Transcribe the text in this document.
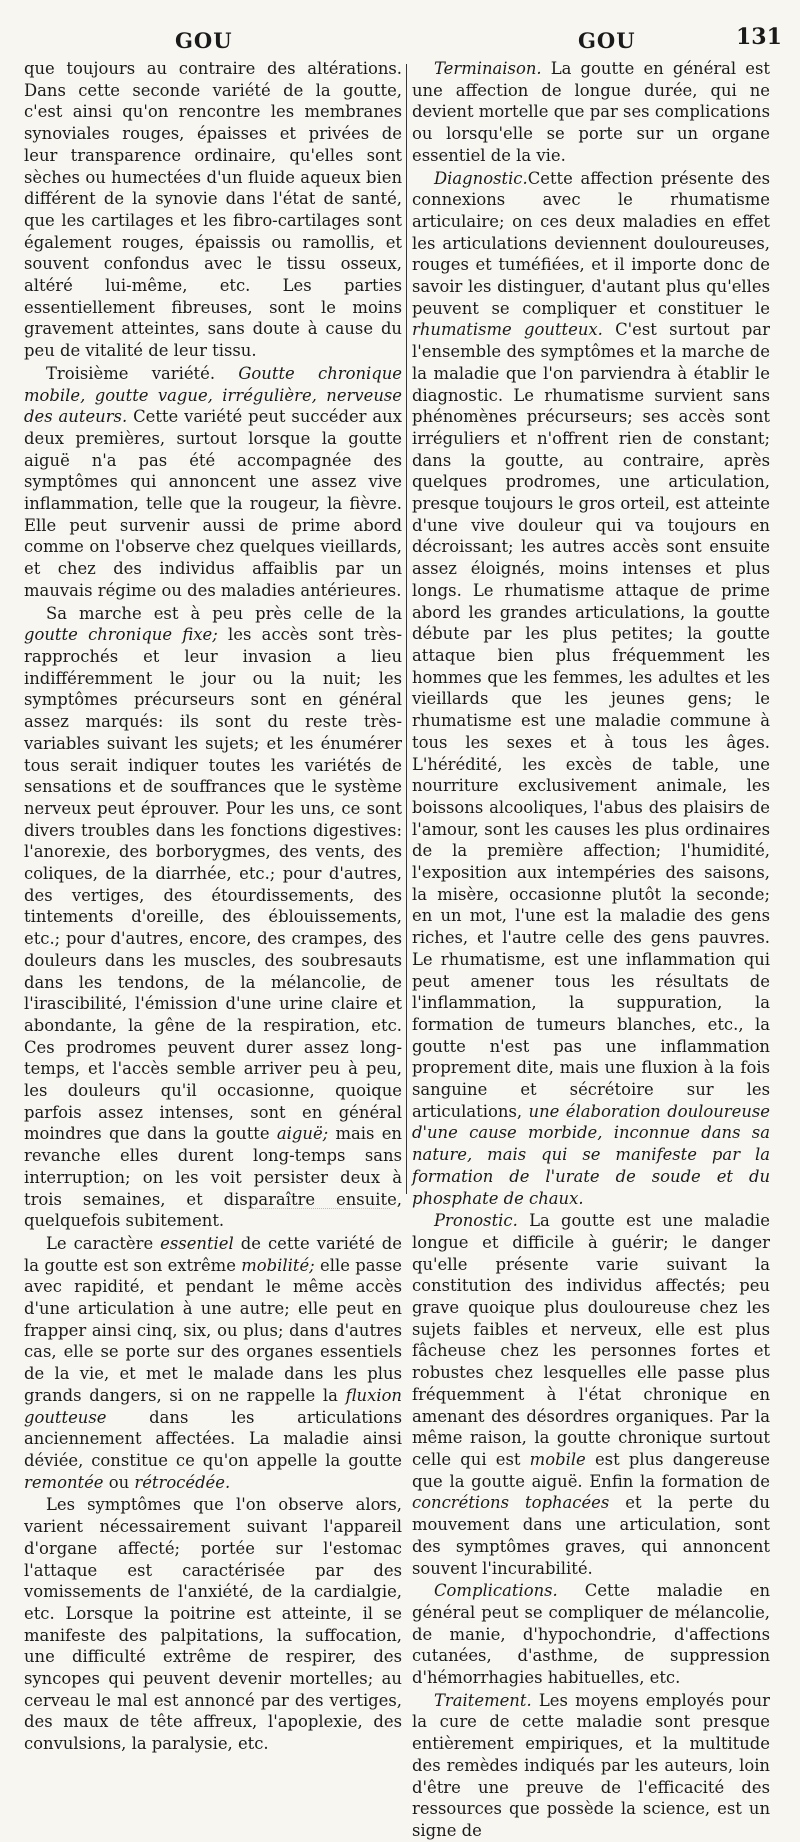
GOU	GOU	131

que toujours au contraire des altérations. Dans cette seconde variété de la goutte, c'est ainsi qu'on rencontre les membranes synoviales rouges, épaisses et privées de leur transparence ordinaire, qu'elles sont sèches ou humectées d'un fluide aqueux bien différent de la synovie dans l'état de santé, que les cartilages et les fibro-cartilages sont également rouges, épaissis ou ramollis, et souvent confondus avec le tissu osseux, altéré lui-même, etc. Les parties essentiellement fibreuses, sont le moins gravement atteintes, sans doute à cause du peu de vitalité de leur tissu.

Troisième variété. Goutte chronique mobile, goutte vague, irrégulière, nerveuse des auteurs. Cette variété peut succéder aux deux premières, surtout lorsque la goutte aiguë n'a pas été accompagnée des symptômes qui annoncent une assez vive inflammation, telle que la rougeur, la fièvre. Elle peut survenir aussi de prime abord comme on l'observe chez quelques vieillards, et chez des individus affaiblis par un mauvais régime ou des maladies antérieures.

Sa marche est à peu près celle de la goutte chronique fixe; les accès sont très-rapprochés et leur invasion a lieu indifféremment le jour ou la nuit; les symptômes précurseurs sont en général assez marqués: ils sont du reste très-variables suivant les sujets; et les énumérer tous serait indiquer toutes les variétés de sensations et de souffrances que le système nerveux peut éprouver. Pour les uns, ce sont divers troubles dans les fonctions digestives: l'anorexie, des borborygmes, des vents, des coliques, de la diarrhée, etc.; pour d'autres, des vertiges, des étourdissements, des tintements d'oreille, des éblouissements, etc.; pour d'autres, encore, des crampes, des douleurs dans les muscles, des soubresauts dans les tendons, de la mélancolie, de l'irascibilité, l'émission d'une urine claire et abondante, la gêne de la respiration, etc. Ces prodromes peuvent durer assez long-temps, et l'accès semble arriver peu à peu, les douleurs qu'il occasionne, quoique parfois assez intenses, sont en général moindres que dans la goutte aiguë; mais en revanche elles durent long-temps sans interruption; on les voit persister deux à trois semaines, et disparaître ensuite, quelquefois subitement.

Le caractère essentiel de cette variété de la goutte est son extrême mobilité; elle passe avec rapidité, et pendant le même accès d'une articulation à une autre; elle peut en frapper ainsi cinq, six, ou plus; dans d'autres cas, elle se porte sur des organes essentiels de la vie, et met le malade dans les plus grands dangers, si on ne rappelle la fluxion goutteuse dans les articulations anciennement affectées. La maladie ainsi déviée, constitue ce qu'on appelle la goutte remontée ou rétrocédée.

Les symptômes que l'on observe alors, varient nécessairement suivant l'appareil d'organe affecté; portée sur l'estomac l'attaque est caractérisée par des vomissements de l'anxiété, de la cardialgie, etc. Lorsque la poitrine est atteinte, il se manifeste des palpitations, la suffocation, une difficulté extrême de respirer, des syncopes qui peuvent devenir mortelles; au cerveau le mal est annoncé par des vertiges, des maux de tête affreux, l'apoplexie, des convulsions, la paralysie, etc.

Terminaison. La goutte en général est une affection de longue durée, qui ne devient mortelle que par ses complications ou lorsqu'elle se porte sur un organe essentiel de la vie.

Diagnostic.Cette affection présente des connexions avec le rhumatisme articulaire; on ces deux maladies en effet les articulations deviennent douloureuses, rouges et tuméfiées, et il importe donc de savoir les distinguer, d'autant plus qu'elles peuvent se compliquer et constituer le rhumatisme goutteux. C'est surtout par l'ensemble des symptômes et la marche de la maladie que l'on parviendra à établir le diagnostic. Le rhumatisme survient sans phénomènes précurseurs; ses accès sont irréguliers et n'offrent rien de constant; dans la goutte, au contraire, après quelques prodromes, une articulation, presque toujours le gros orteil, est atteinte d'une vive douleur qui va toujours en décroissant; les autres accès sont ensuite assez éloignés, moins intenses et plus longs. Le rhumatisme attaque de prime abord les grandes articulations, la goutte débute par les plus petites; la goutte attaque bien plus fréquemment les hommes que les femmes, les adultes et les vieillards que les jeunes gens; le rhumatisme est une maladie commune à tous les sexes et à tous les âges. L'hérédité, les excès de table, une nourriture exclusivement animale, les boissons alcooliques, l'abus des plaisirs de l'amour, sont les causes les plus ordinaires de la première affection; l'humidité, l'exposition aux intempéries des saisons, la misère, occasionne plutôt la seconde; en un mot, l'une est la maladie des gens riches, et l'autre celle des gens pauvres. Le rhumatisme, est une inflammation qui peut amener tous les résultats de l'inflammation, la suppuration, la formation de tumeurs blanches, etc., la goutte n'est pas une inflammation proprement dite, mais une fluxion à la fois sanguine et sécrétoire sur les articulations, une élaboration douloureuse d'une cause morbide, inconnue dans sa nature, mais qui se manifeste par la formation de l'urate de soude et du phosphate de chaux.

Pronostic. La goutte est une maladie longue et difficile à guérir; le danger qu'elle présente varie suivant la constitution des individus affectés; peu grave quoique plus douloureuse chez les sujets faibles et nerveux, elle est plus fâcheuse chez les personnes fortes et robustes chez lesquelles elle passe plus fréquemment à l'état chronique en amenant des désordres organiques. Par la même raison, la goutte chronique surtout celle qui est mobile est plus dangereuse que la goutte aiguë. Enfin la formation de concrétions tophacées et la perte du mouvement dans une articulation, sont des symptômes graves, qui annoncent souvent l'incurabilité.

Complications. Cette maladie en général peut se compliquer de mélancolie, de manie, d'hypochondrie, d'affections cutanées, d'asthme, de suppression d'hémorrhagies habituelles, etc.

Traitement. Les moyens employés pour la cure de cette maladie sont presque entièrement empiriques, et la multitude des remèdes indiqués par les auteurs, loin d'être une preuve de l'efficacité des ressources que possède la science, est un signe de
